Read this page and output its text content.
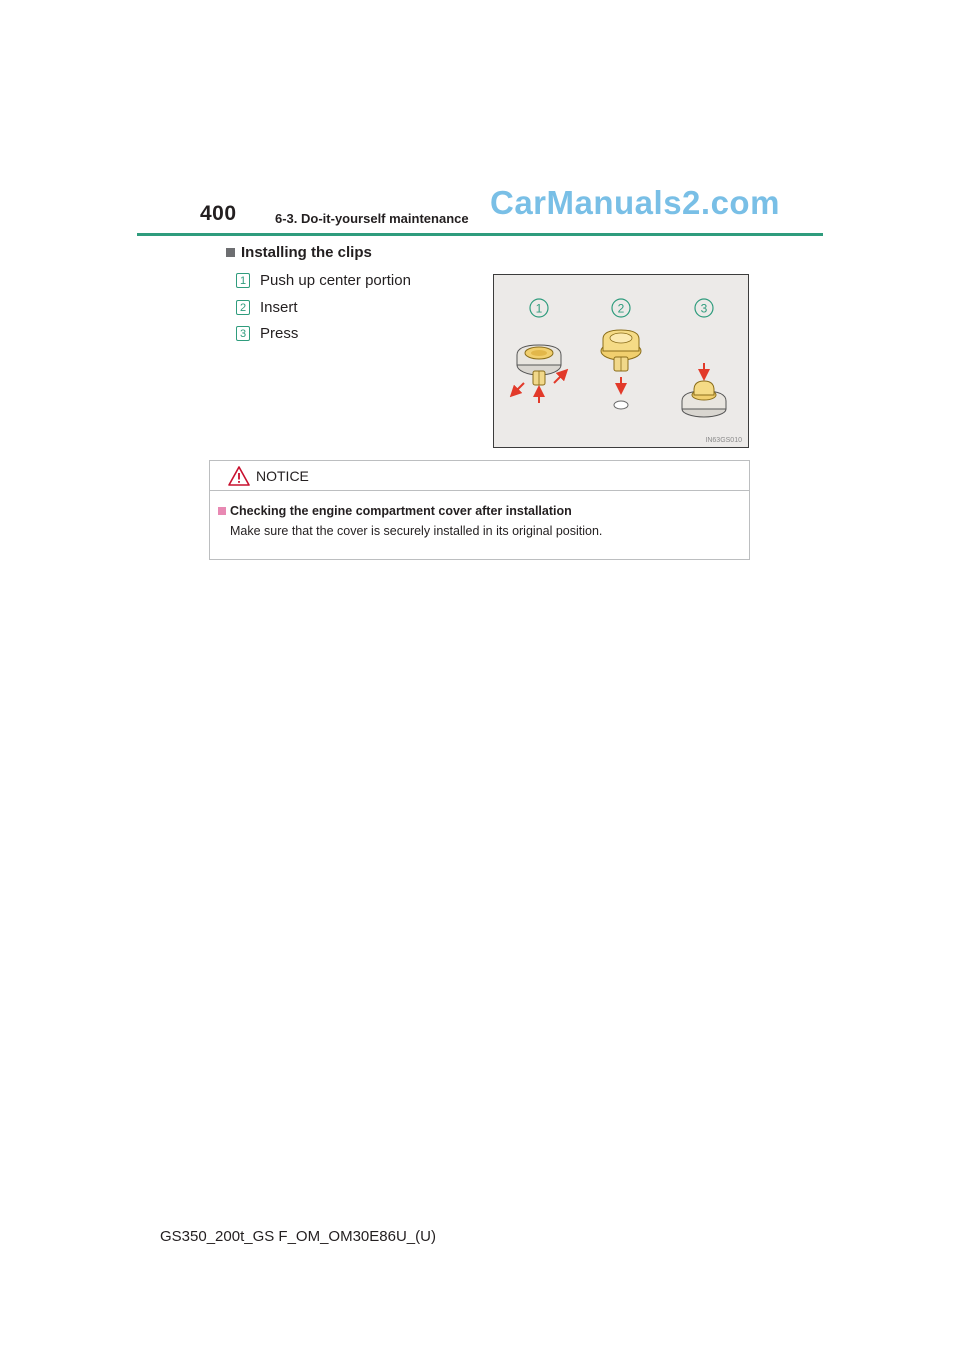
400	6-3. Do-it-yourself maintenance CarManuals2.com
Installing the clips
1 Push up center portion
2 Insert
3 Press
1	2	3
IN63GS010
NOTICE
Checking the engine compartment cover after installation
Make sure that the cover is securely installed in its original position.
GS350_200t_GS F_OM_OM30E86U_(U)
